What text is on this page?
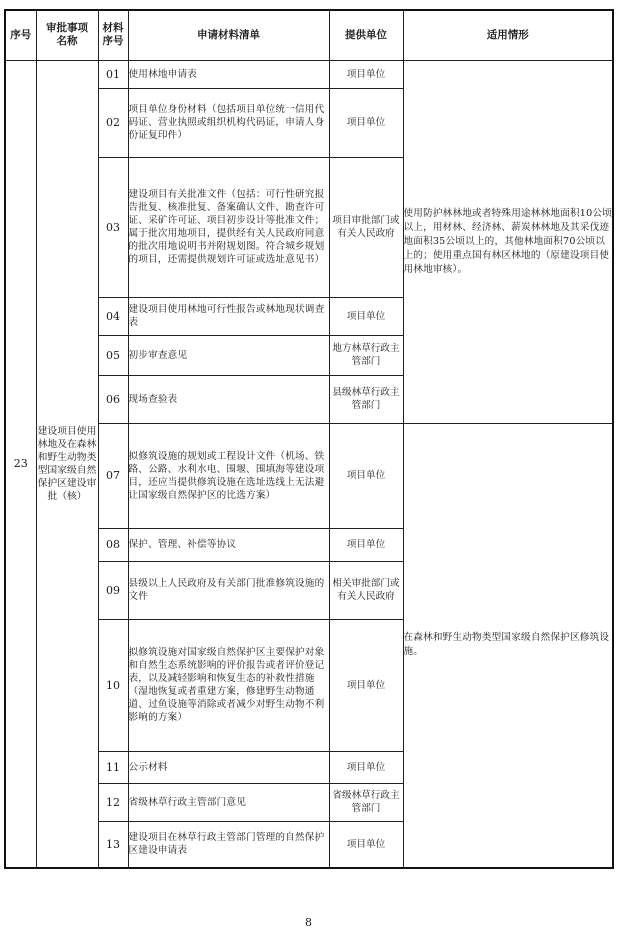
序号	审批事项名称	材料序号	申请材料清单	提供单位	适用情形
23	建设项目使用林地及在森林和野生动物类型国家级自然保护区建设审批（核）	01	使用林地申请表	项目单位	使用防护林林地或者特殊用途林林地面积10公顷以上，用材林、经济林、薪炭林林地及其采伐迹地面积35公顷以上的，其他林地面积70公顷以上的；使用重点国有林区林地的（原建设项目使用林地审核）。
		02	项目单位身份材料（包括项目单位统一信用代码证、营业执照或组织机构代码证，申请人身份证复印件）	项目单位	
		03	建设项目有关批准文件（包括：可行性研究报告批复、核准批复、备案确认文件、勘查许可证、采矿许可证、项目初步设计等批准文件；属于批次用地项目，提供经有关人民政府同意的批次用地说明书并附规划图。符合城乡规划的项目，还需提供规划许可证或选址意见书）	项目审批部门或有关人民政府	
		04	建设项目使用林地可行性报告或林地现状调查表	项目单位	
		05	初步审查意见	地方林草行政主管部门	
		06	现场查验表	县级林草行政主管部门	
		07	拟修筑设施的规划或工程设计文件（机场、铁路、公路、水利水电、围堰、围填海等建设项目，还应当提供修筑设施在选址选线上无法避让国家级自然保护区的比选方案）	项目单位	在森林和野生动物类型国家级自然保护区修筑设施。
		08	保护、管理、补偿等协议	项目单位	
		09	县级以上人民政府及有关部门批准修筑设施的文件	相关审批部门或有关人民政府	
		10	拟修筑设施对国家级自然保护区主要保护对象和自然生态系统影响的评价报告或者评价登记表，以及减轻影响和恢复生态的补救性措施（湿地恢复或者重建方案，修建野生动物通道、过鱼设施等消除或者减少对野生动物不利影响的方案）	项目单位	
		11	公示材料	项目单位	
		12	省级林草行政主管部门意见	省级林草行政主管部门	
		13	建设项目在林草行政主管部门管理的自然保护区建设申请表	项目单位	
8
